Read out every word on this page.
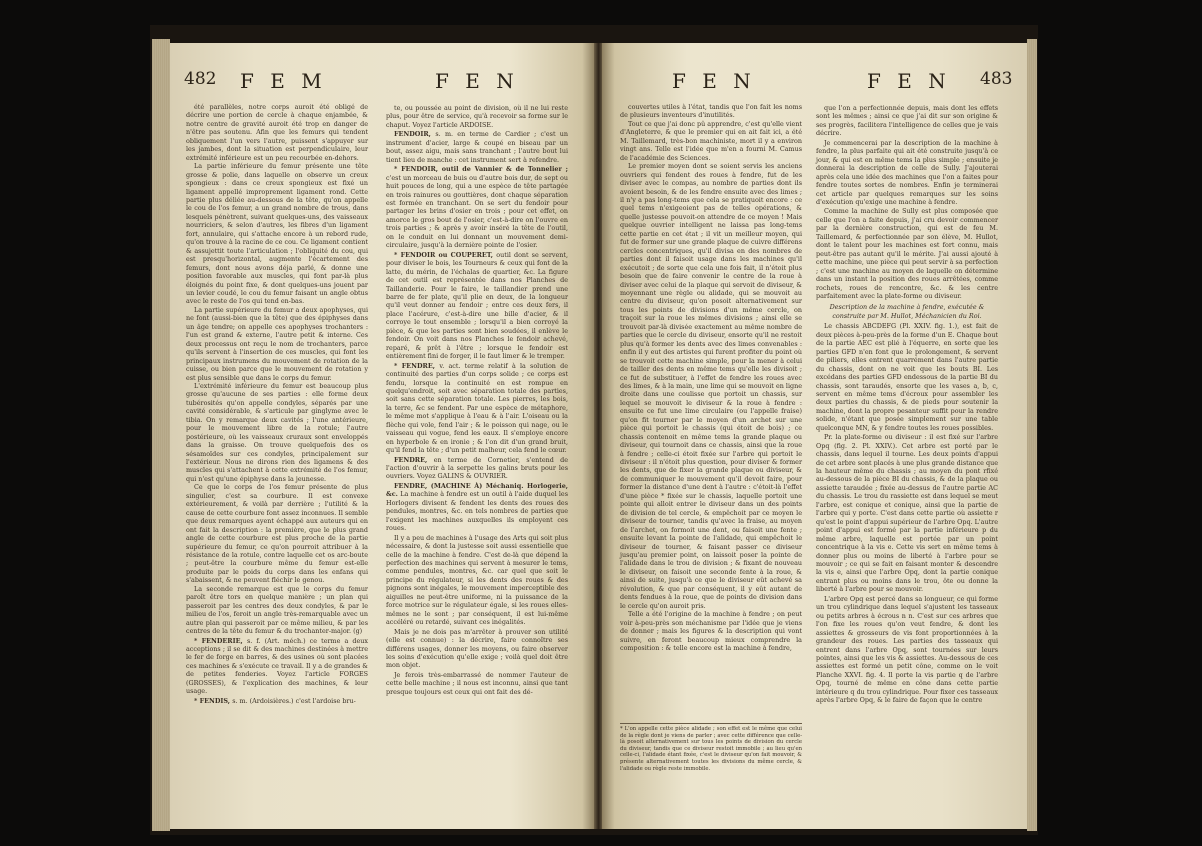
482 F E M	F E N

été parallèles, notre corps auroit été obligé de décrire une portion de cercle à chaque enjambée, & notre centre de gravité auroit été trop en danger de n'être pas soutenu. Afin que les femurs qui tendent obliquement l'un vers l'autre, puissent s'appuyer sur les jambes, dont la situation est perpendiculaire, leur extrémité inférieure est un peu recourbée en-dehors.

La partie inférieure du femur présente une tête grosse & polie, dans laquelle on observe un creux spongieux : dans ce creux spongieux est fixé un ligament appellé improprement ligament rond. Cette partie plus déliée au-dessous de la tête, qu'on appelle le cou de l'os femur, a un grand nombre de trous, dans lesquels pénètrent, suivant quelques-uns, des vaisseaux nourriciers, & selon d'autres, les fibres d'un ligament fort, annulaire, qui s'attache encore à un rebord rude, qu'on trouve à la racine de ce cou. Ce ligament contient & assujettit toute l'articulation ; l'obliquité du cou, qui est presqu'horizontal, augmente l'écartement des femurs, dont nous avons déja parlé, & donne une position favorable aux muscles, qui font par-là plus éloignés du point fixe, & dont quelques-uns jouent par un levier coudé, le cou du femur faisant un angle obtus avec le reste de l'os qui tend en-bas.

La partie supérieure du femur a deux apophyses, qui ne font (aussi-bien que la tête) que des épiphyses dans un âge tendre; on appelle ces apophyses trochanters : l'un est grand & externe, l'autre petit & interne. Ces deux processus ont reçu le nom de trochanters, parce qu'ils servent à l'insertion de ces muscles, qui font les principaux instrumens du mouvement de rotation de la cuisse, ou bien parce que le mouvement de rotation y est plus sensible que dans le corps du femur.

L'extrémité inférieure du femur est beaucoup plus grosse qu'aucune de ses parties : elle forme deux tubérosités qu'on appelle condyles, séparés par une cavité considérable, & s'articule par ginglyme avec le tibia. On y remarque deux cavités ; l'une antérieure, pour le mouvement libre de la rotule; l'autre postérieure, où les vaisseaux cruraux sont enveloppés dans la graisse. On trouve quelquefois des os sésamoïdes sur ces condyles, principalement sur l'extérieur. Nous ne dirons rien des ligamens & des muscles qui s'attachent à cette extrémité de l'os femur, qui n'est qu'une épiphyse dans la jeunesse.

Ce que le corps de l'os femur présente de plus singulier, c'est sa courbure. Il est convexe extérieurement, & voilà par derrière ; l'utilité & la cause de cette courbure font assez inconnues. Il semble que deux remarques ayent échappé aux auteurs qui en ont fait la description : la première, que le plus grand angle de cette courbure est plus proche de la partie supérieure du femur, ce qu'on pourroit attribuer à la résistance de la rotule, contre laquelle cet os arc-boute ; peut-être la courbure même du femur est-elle produite par le poids du corps dans les enfans qui s'abaissent, & ne peuvent fléchir le genou.

La seconde remarque est que le corps du femur paroît être tors en quelque manière ; un plan qui passeroit par les centres des deux condyles, & par le milieu de l'os, feroit un angle très-remarquable avec un autre plan qui passeroit par ce même milieu, & par les centres de la tête du femur & du trochanter-major. (g)

* FENDERIE, s. f. (Art. méch.) ce terme a deux acceptions ; il se dit & des machines destinées à mettre le fer de forge en barres, & des usines où sont placées ces machines & s'exécute ce travail. Il y a de grandes & de petites fenderies. Voyez l'article FORGES (GROSSES), & l'explication des machines, & leur usage.

* FENDIS, s. m. (Ardoisières.) c'est l'ardoise bru-

te, ou poussée au point de division, où il ne lui reste plus, pour être de service, qu'à recevoir sa forme sur le chaput. Voyez l'article ARDOISE.

FENDOIR, s. m. en terme de Cardier ; c'est un instrument d'acier, large & coupé en biseau par un bout, assez aigu, mais sans tranchant ; l'autre bout lui tient lieu de manche : cet instrument sert à refendre.

* FENDOIR, outil de Vannier & de Tonnelier ; c'est un morceau de buis ou d'autre bois dur, de sept ou huit pouces de long, qui a une espèce de tête partagée en trois rainures ou gouttières, dont chaque séparation est formée en tranchant. On se sert du fendoir pour partager les brins d'osier en trois ; pour cet effet, on amorce le gros bout de l'osier, c'est-à-dire on l'ouvre en trois parties ; & après y avoir inséré la tête de l'outil, on le conduit en lui donnant un mouvement demi-circulaire, jusqu'à la dernière pointe de l'osier.

* FENDOIR ou COUPERET, outil dont se servent, pour diviser le bois, les Tourneurs & ceux qui font de la latte, du mérin, de l'échalas de quartier, &c. La figure de cet outil est représentée dans nos Planches de Taillanderie. Pour le faire, le taillandier prend une barre de fer plate, qu'il plie en deux, de la longueur qu'il veut donner au fendoir ; entre ces deux fers, il place l'acérure, c'est-à-dire une bille d'acier, & il corroye le tout ensemble ; lorsqu'il a bien corroyé la pièce, & que les parties sont bien soudées, il enlève le fendoir. On voit dans nos Planches le fendoir achevé, reparé, & prêt à l'être ; lorsque le fendoir est entièrement fini de forger, il le faut limer & le tremper.

* FENDRE, v. act. terme relatif à la solution de continuité des parties d'un corps solide ; ce corps est fendu, lorsque la continuité en est rompue en quelqu'endroit, soit avec séparation totale des parties, soit sans cette séparation totale. Les pierres, les bois, la terre, &c se fendent. Par une espèce de métaphore, le même mot s'applique à l'eau & à l'air. L'oiseau ou la flèche qui vole, fend l'air ; & le poisson qui nage, ou le vaisseau qui vogue, fend les eaux. Il s'employe encore en hyperbole & en ironie ; & l'on dit d'un grand bruit, qu'il fend la tête ; d'un petit malheur, cela fend le cœur.

FENDRE, en terme de Cornetier, s'entend de l'action d'ouvrir à la serpette les galins bruts pour les ouvriers. Voyez GALINS & OUVRIER.

FENDRE, (MACHINE À) Méchaniq. Horlogerie, &c. La machine à fendre est un outil à l'aide duquel les Horlogers divisent & fendent les dents des roues des pendules, montres, &c. en tels nombres de parties que l'exigent les machines auxquelles ils employent ces roues.

Il y a peu de machines à l'usage des Arts qui soit plus nécessaire, & dont la justesse soit aussi essentielle que celle de la machine à fendre. C'est de-là que dépend la perfection des machines qui servent à mesurer le tems, comme pendules, montres, &c. car quel que soit le principe du régulateur, si les dents des roues & des pignons sont inégales, le mouvement imperceptible des aiguilles ne peut-être uniforme, ni la puissance de la force motrice sur le régulateur égale, si les roues elles-mêmes ne le sont ; par conséquent, il est lui-même accéléré ou retardé, suivant ces inégalités.

Mais je ne dois pas m'arrêter à prouver son utilité (elle est connue) : la décrire, faire connoître ses différens usages, donner les moyens, ou faire observer les soins d'exécution qu'elle exige ; voilà quel doit être mon objet.

Je ferois très-embarrassé de nommer l'auteur de cette belle machine ; il nous est inconnu, ainsi que tant presque toujours est ceux qui ont fait des dé-

F E N	F E N 483

couvertes utiles à l'état, tandis que l'on fait les noms de plusieurs inventeurs d'inutilités.

Tout ce que j'ai donc pû apprendre, c'est qu'elle vient d'Angleterre, & que le premier qui en ait fait ici, a été M. Taillemard, très-bon machiniste, mort il y a environ vingt ans. Telle est l'idée que m'en a fourni M. Camus de l'académie des Sciences.

Le premier moyen dont se soient servis les anciens ouvriers qui fendent des roues à fendre, fut de les diviser avec le compas, au nombre de parties dont ils avoient besoin, & de les fendre ensuite avec des limes ; il n'y a pas long-tems que cela se pratiquoit encore : ce quel tems n'exigeoient pas de telles opérations, & quelle justesse pouvoit-on attendre de ce moyen ! Mais quelque ouvrier intelligent ne laissa pas long-tems cette partie en cet état ; il vit un meilleur moyen, qui fut de former sur une grande plaque de cuivre différens cercles concentriques, qu'il divisa en des nombres de parties dont il faisoit usage dans les machines qu'il exécutoit ; de sorte que cela une fois fait, il n'étoit plus besoin que de faire convenir le centre de la roue à diviser avec celui de la plaque qui servoit de diviseur, & moyennant une règle ou alidade, qui se mouvoit au centre du diviseur, qu'on posoit alternativement sur tous les points de divisions d'un même cercle, on traçoit sur la roue les mêmes divisions ; ainsi elle se trouvoit par-là divisée exactement au même nombre de parties que le cercle du diviseur, ensorte qu'il ne restoit plus qu'à former les dents avec des limes convenables : enfin il y eut des artistes qui furent profiter du point où se trouvoit cette machine simple, pour la mener à celui de tailler des dents en même tems qu'elle les divisoit ; ce fut de substituer, à l'effet de fendre les roues avec des limes, & à la main, une lime qui se mouvoit en ligne droite dans une coulisse que portoit un chassis, sur lequel se mouvoit le diviseur & la roue à fendre : ensuite ce fut une lime circulaire (ou l'appelle fraise) qu'on fit tourner par le moyen d'un archet sur une pièce qui portoit le chassis (qui étoit de bois) ; ce chassis contenoit en même tems la grande plaque ou diviseur, qui tournoit dans ce chassis, ainsi que la roue à fendre ; celle-ci étoit fixée sur l'arbre qui portoit le diviseur : il n'étoit plus question, pour diviser & former les dents, que de fixer la grande plaque ou diviseur, & de communiquer le mouvement qu'il devoit faire, pour former la distance d'une dent à l'autre : c'étoit-là l'effet d'une pièce * fixée sur le chassis, laquelle portoit une pointe qui alloit entrer le diviseur dans un des points de division de tel cercle, & empêchoit par ce moyen le diviseur de tourner, tandis qu'avec la fraise, au moyen de l'archet, on formoit une dent, ou faisoit une fente ; ensuite levant la pointe de l'alidade, qui empêchoit le diviseur de tourner, & faisant passer ce diviseur jusqu'au premier point, on laissoit poser la pointe de l'alidade dans le trou de division ; & fixant de nouveau le diviseur, on faisoit une seconde fente à la roue, & ainsi de suite, jusqu'à ce que le diviseur eût achevé sa révolution, & que par conséquent, il y eût autant de dents fendues à la roue, que de points de division dans le cercle qu'on auroit pris.

Telle a été l'origine de la machine à fendre ; on peut voir à-peu-près son méchanisme par l'idée que je viens de donner ; mais les figures & la description qui vont suivre, en feront beaucoup mieux comprendre la composition : & telle encore est la machine à fendre,

* L'on appelle cette pièce alidade ; son effet est le même que celui de la règle dont je viens de parler ; avec cette différence que celle-là posoit alternativement sur tous les points de division du cercle du diviseur, tandis que ce diviseur restoit immobile ; au lieu qu'en celle-ci, l'alidade étant fixée, c'est le diviseur qu'on fait mouvoir, & présente alternativement toutes les divisions du même cercle, & l'alidade ou règle reste immobile.

que l'on a perfectionnée depuis, mais dont les effets sont les mêmes ; ainsi ce que j'ai dit sur son origine & ses progrès, facilitera l'intelligence de celles que je vais décrire.

Je commencerai par la description de la machine à fendre, la plus parfaite qui ait été construite jusqu'à ce jour, & qui est en même tems la plus simple ; ensuite je donnerai la description de celle de Sully. J'ajouterai après cela une idée des machines que l'on a faites pour fendre toutes sortes de nombres. Enfin je terminerai cet article par quelques remarques sur les soins d'exécution qu'exige une machine à fendre.

Comme la machine de Sully est plus composée que celle que l'on a faite depuis, j'ai cru devoir commencer par la dernière construction, qui est de feu M. Taillemard, & perfectionnée par son élève, M. Hullot, dont le talent pour les machines est fort connu, mais peut-être pas autant qu'il le mérite. J'ai aussi ajouté à cette machine, une pièce qui peut servir à sa perfection ; c'est une machine au moyen de laquelle on détermine dans un instant la position des roues arrêtées, comme rochets, roues de rencontre, &c. & les centre parfaitement avec la plate-forme ou diviseur.

Description de la machine à fendre, exécutée & construite par M. Hullot, Méchanicien du Roi.

Le chassis ABCDEFG (Pl. XXIV. fig. 1.), est fait de deux pièces à-peu-près de la forme d'un E. Chaque bout de la partie AEC est plié à l'équerre, en sorte que les parties GFD n'en font que le prolongement, & servent de piliers, elles entrent quarrément dans l'autre partie du chassis, dont on ne voit que les bouts BI. Les excédans des parties GFD endessous de la partie BI du chassis, sont taraudés, ensorte que les vases a, b, c, servent en même tems d'écroux pour assembler les deux parties du chassis, & de pieds pour soutenir la machine, dont la propre pesanteur suffit pour la rendre solide, n'étant que posée simplement sur une table quelconque MN, & y fendre toutes les roues possibles.

Pr. la plate-forme ou diviseur : il est fixé sur l'arbre Opq (fig. 2. Pl. XXIV.). Cet arbre est porté par le chassis, dans lequel il tourne. Les deux points d'appui de cet arbre sont placés à une plus grande distance que la hauteur même du chassis ; au moyen du pont rfixé au-dessous de la pièce BI du chassis, & de la plaque ou assiette taraudée ; fixée au-dessus de l'autre partie AC du chassis. Le trou du rassiette est dans lequel se meut l'arbre, est conique et conique, ainsi que la partie de l'arbre qui y porte. C'est dans cette partie où assiette r qu'est le point d'appui supérieur de l'arbre Opq. L'autre point d'appui est formé par la partie inférieure p du même arbre, laquelle est portée par un point concentrique à la vis e. Cette vis sert en même tems à donner plus ou moins de liberté à l'arbre pour se mouvoir ; ce qui se fait en faisant monter & descendre la vis e, ainsi que l'arbre Opq, dont la partie conique entrant plus ou moins dans le trou, ôte ou donne la liberté à l'arbre pour se mouvoir.

L'arbre Opq est percé dans sa longueur, ce qui forme un trou cylindrique dans lequel s'ajustent les tasseaux ou petits arbres à écrous n n. C'est sur ces arbres que l'on fixe les roues qu'on veut fendre, & dont les assiettes & grosseurs de vis font proportionnées à la grandeur des roues. Les parties des tasseaux qui entrent dans l'arbre Opq, sont tournées sur leurs pointes, ainsi que les vis & assiettes. Au-dessous de ces assiettes est formé un petit cône, comme on le voit Planche XXVI. fig. 4. Il porte la vis partie q de l'arbre Opq, tourné de même en cône dans cette partie intérieure q du trou cylindrique. Pour fixer ces tasseaux après l'arbre Opq, & le faire de façon que le centre
